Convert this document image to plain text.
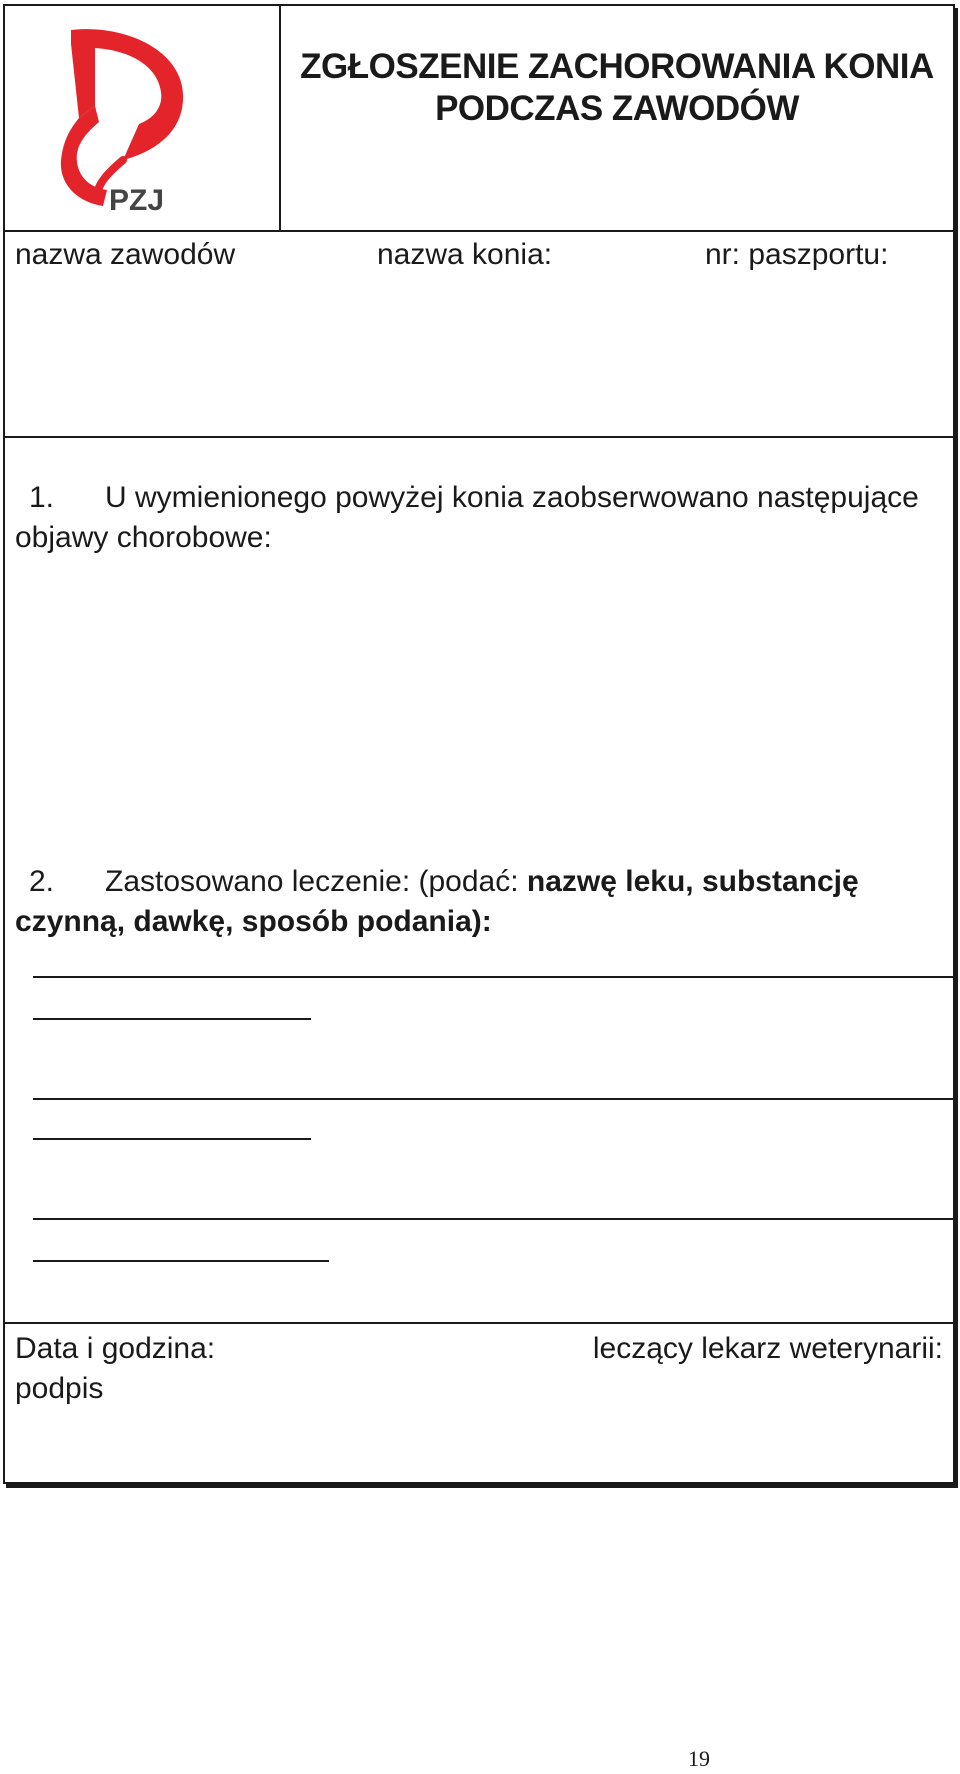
PZJ
ZGŁOSZENIE ZACHOROWANIA KONIA
PODCZAS ZAWODÓW
nazwa zawodów	nazwa konia:	nr: paszportu:
1. U wymienionego powyżej konia zaobserwowano następujące objawy chorobowe:
2. Zastosowano leczenie: (podać: nazwę leku, substancję czynną, dawkę, sposób podania):
Data i godzina:	leczący lekarz weterynarii:
podpis
19
